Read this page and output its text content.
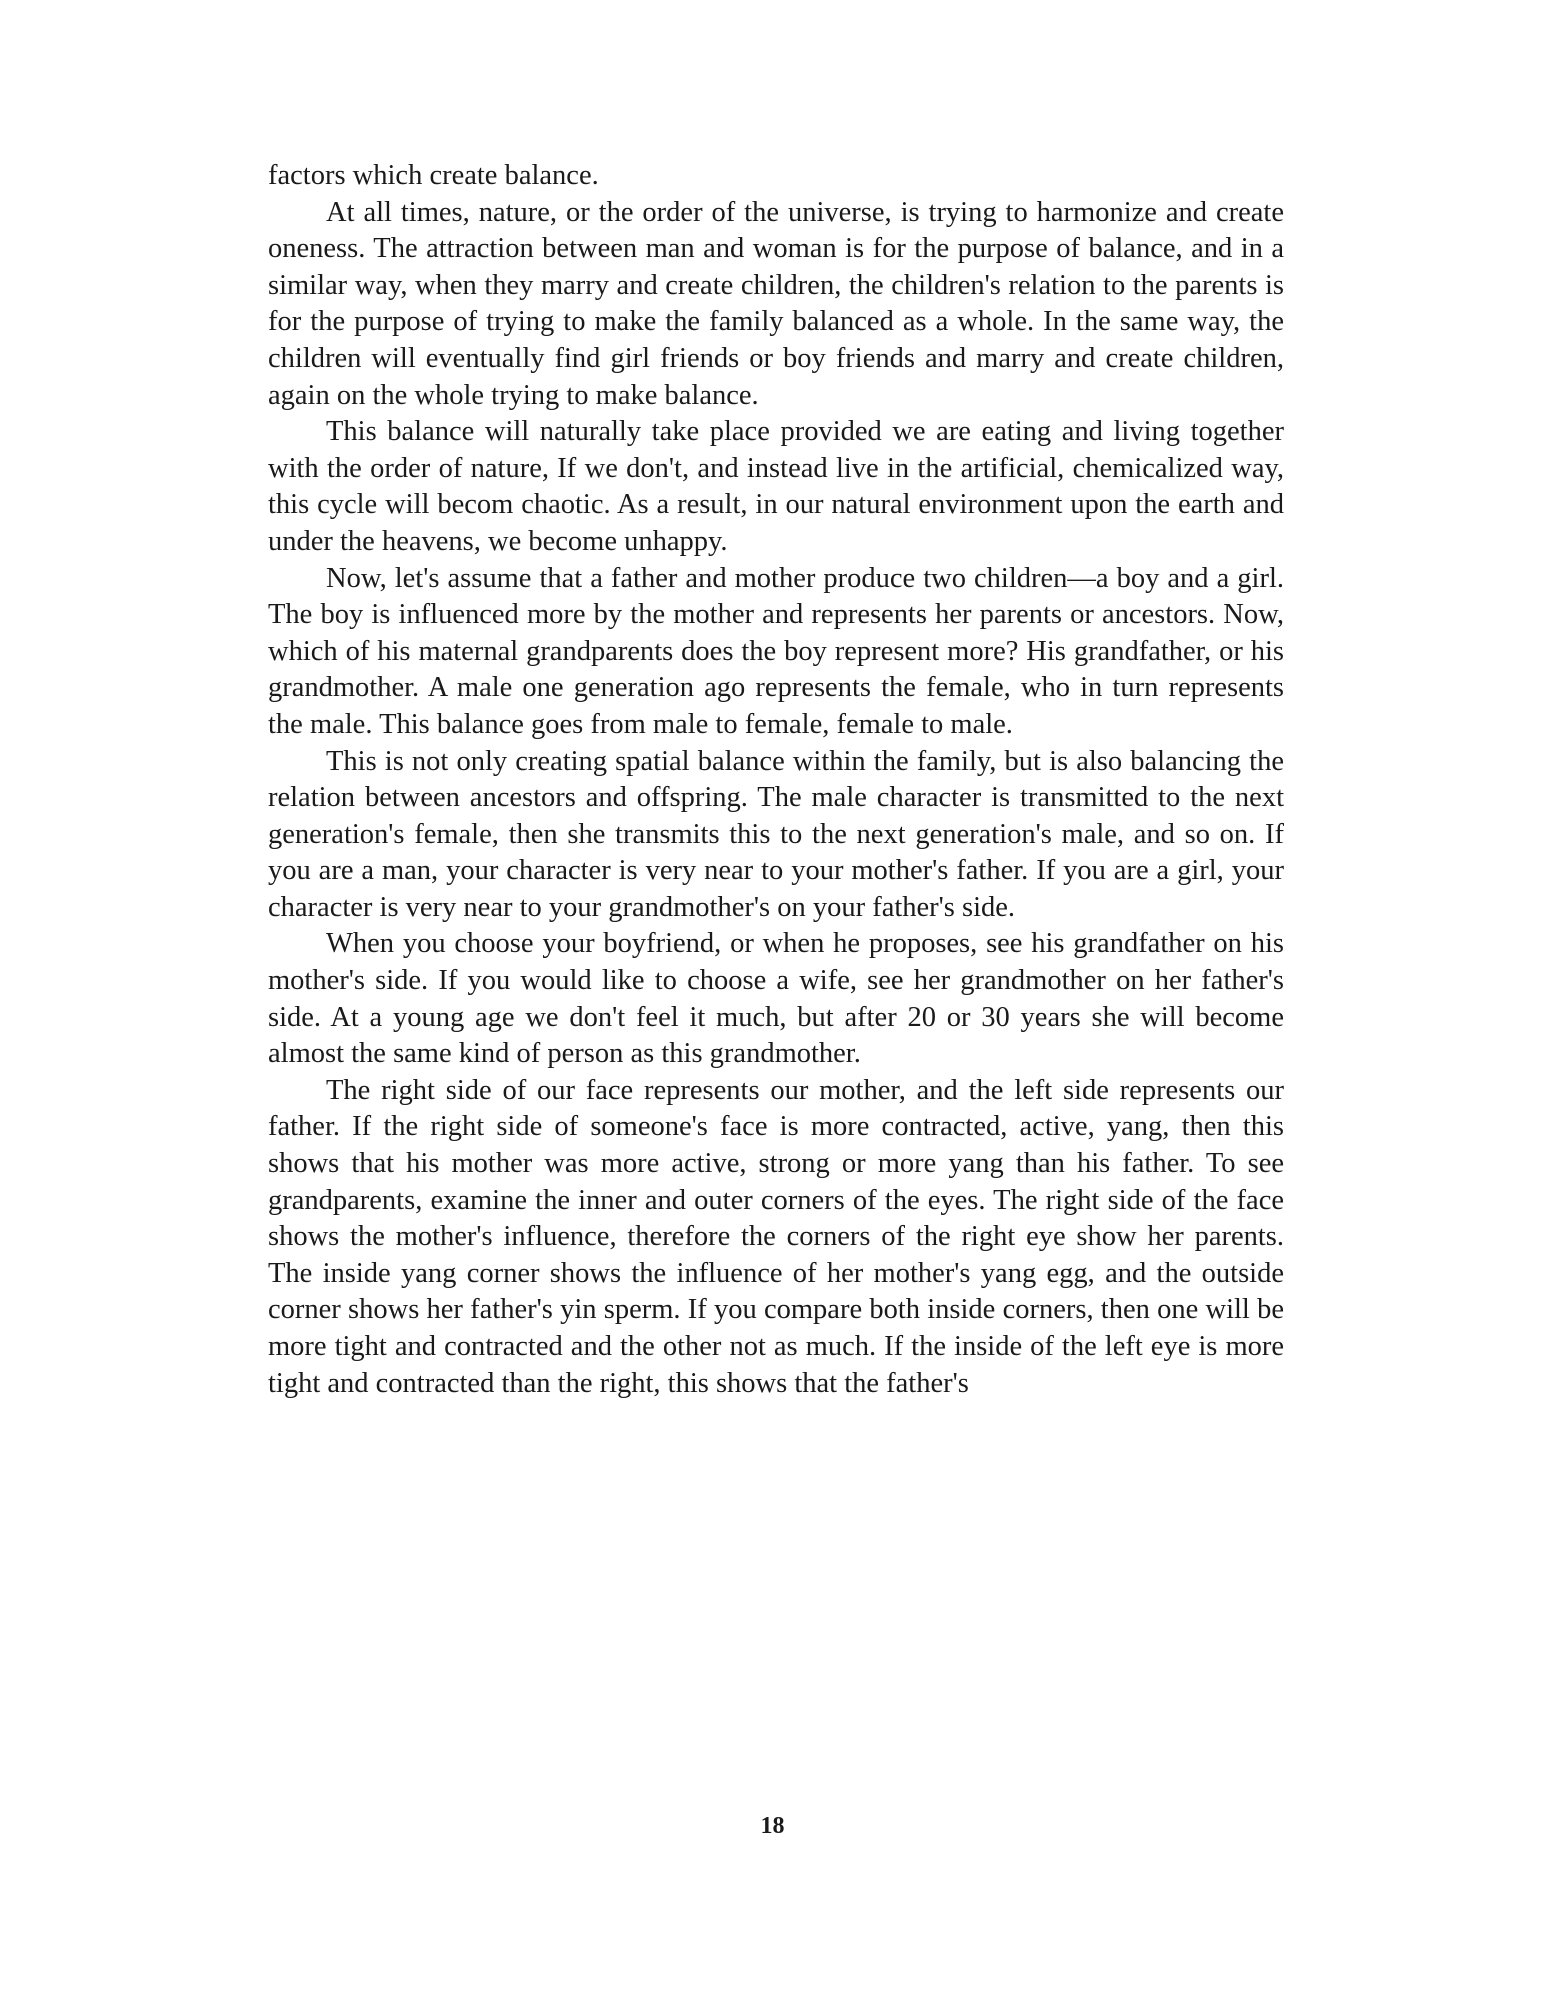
factors which create balance.

At all times, nature, or the order of the universe, is trying to harmonize and create oneness. The attraction between man and woman is for the purpose of balance, and in a similar way, when they marry and create children, the children's relation to the parents is for the purpose of trying to make the family balanced as a whole. In the same way, the children will eventually find girl friends or boy friends and marry and create children, again on the whole trying to make balance.

This balance will naturally take place provided we are eating and living together with the order of nature, If we don't, and instead live in the artificial, chemicalized way, this cycle will becom chaotic. As a result, in our natural environment upon the earth and under the heavens, we become unhappy.

Now, let's assume that a father and mother produce two children—a boy and a girl. The boy is influenced more by the mother and represents her parents or ancestors. Now, which of his maternal grandparents does the boy represent more? His grandfather, or his grandmother. A male one generation ago represents the female, who in turn represents the male. This balance goes from male to female, female to male.

This is not only creating spatial balance within the family, but is also balancing the relation between ancestors and offspring. The male character is transmitted to the next generation's female, then she transmits this to the next generation's male, and so on. If you are a man, your character is very near to your mother's father. If you are a girl, your character is very near to your grandmother's on your father's side.

When you choose your boyfriend, or when he proposes, see his grandfather on his mother's side. If you would like to choose a wife, see her grandmother on her father's side. At a young age we don't feel it much, but after 20 or 30 years she will become almost the same kind of person as this grandmother.

The right side of our face represents our mother, and the left side represents our father. If the right side of someone's face is more contracted, active, yang, then this shows that his mother was more active, strong or more yang than his father. To see grandparents, examine the inner and outer corners of the eyes. The right side of the face shows the mother's influence, therefore the corners of the right eye show her parents. The inside yang corner shows the influence of her mother's yang egg, and the outside corner shows her father's yin sperm. If you compare both inside corners, then one will be more tight and contracted and the other not as much. If the inside of the left eye is more tight and contracted than the right, this shows that the father's

18
